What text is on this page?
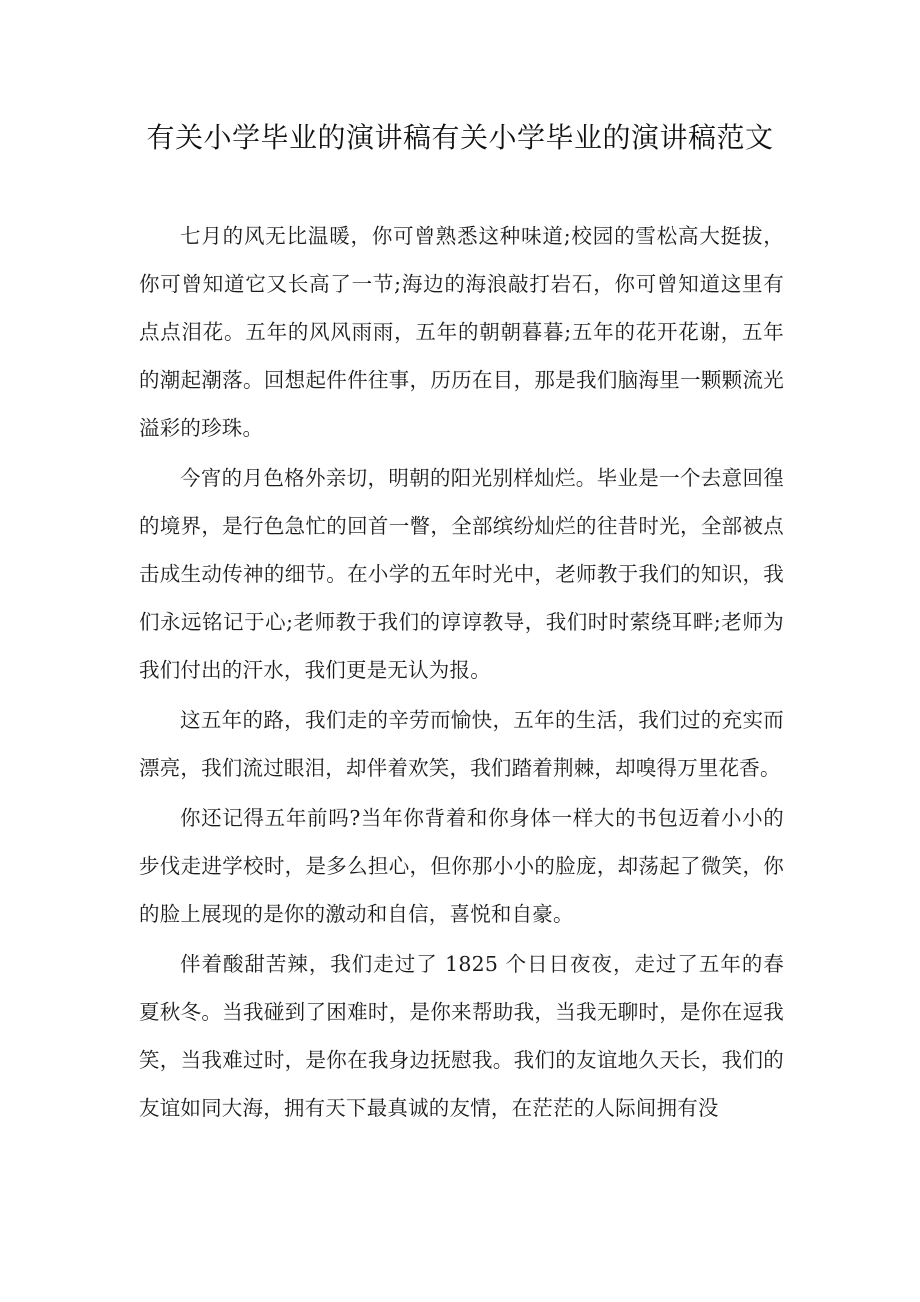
有关小学毕业的演讲稿有关小学毕业的演讲稿范文

七月的风无比温暖，你可曾熟悉这种味道;校园的雪松高大挺拔，你可曾知道它又长高了一节;海边的海浪敲打岩石，你可曾知道这里有点点泪花。五年的风风雨雨，五年的朝朝暮暮;五年的花开花谢，五年的潮起潮落。回想起件件往事，历历在目，那是我们脑海里一颗颗流光溢彩的珍珠。

今宵的月色格外亲切，明朝的阳光别样灿烂。毕业是一个去意回徨的境界，是行色急忙的回首一瞥，全部缤纷灿烂的往昔时光，全部被点击成生动传神的细节。在小学的五年时光中，老师教于我们的知识，我们永远铭记于心;老师教于我们的谆谆教导，我们时时萦绕耳畔;老师为我们付出的汗水，我们更是无认为报。

这五年的路，我们走的辛劳而愉快，五年的生活，我们过的充实而漂亮，我们流过眼泪，却伴着欢笑，我们踏着荆棘，却嗅得万里花香。

你还记得五年前吗?当年你背着和你身体一样大的书包迈着小小的步伐走进学校时，是多么担心，但你那小小的脸庞，却荡起了微笑，你的脸上展现的是你的激动和自信，喜悦和自豪。

伴着酸甜苦辣，我们走过了 1825 个日日夜夜，走过了五年的春夏秋冬。当我碰到了困难时，是你来帮助我，当我无聊时，是你在逗我笑，当我难过时，是你在我身边抚慰我。我们的友谊地久天长，我们的友谊如同大海，拥有天下最真诚的友情，在茫茫的人际间拥有没
